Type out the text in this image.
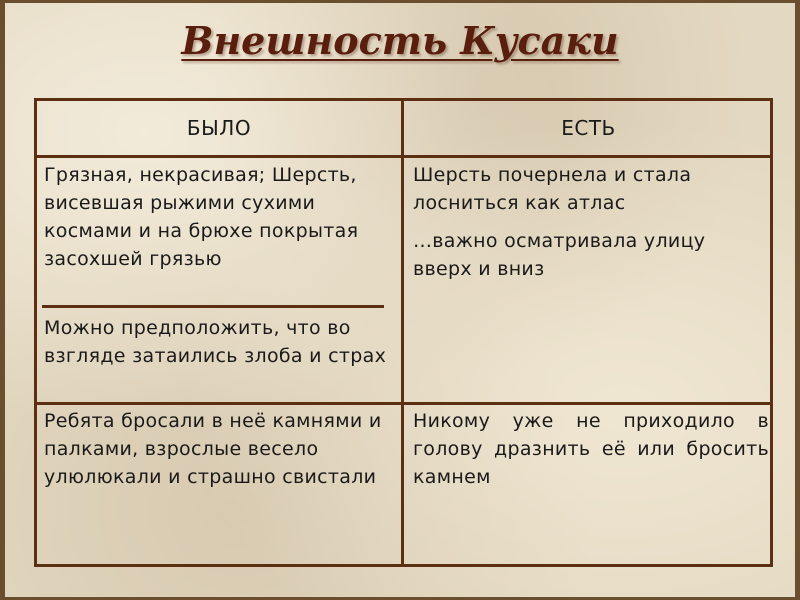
Внешность Кусаки
БЫЛО	ЕСТЬ
Грязная, некрасивая; Шерсть, висевшая рыжими сухими космами и на брюхе покрытая засохшей грязью
Можно предположить, что во взгляде затаились злоба и страх
Шерсть почернела и стала лосниться как атлас
…важно осматривала улицу вверх и вниз
Ребята бросали в неё камнями и палками, взрослые весело улюлюкали и страшно свистали
Никому уже не приходило в голову дразнить её или бросить камнем
